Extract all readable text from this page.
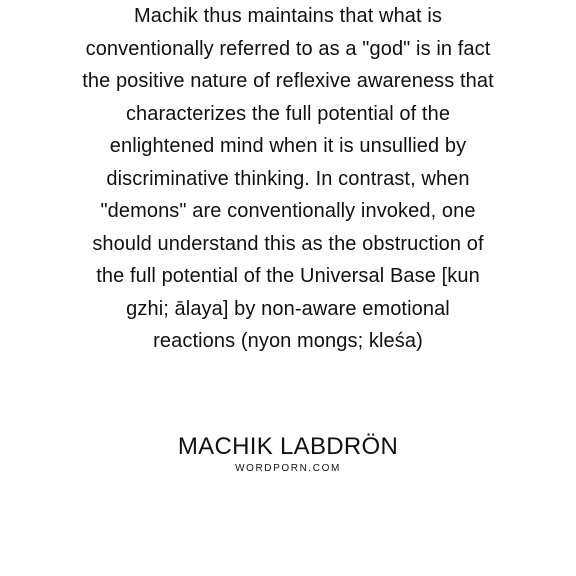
Machik thus maintains that what is
conventionally referred to as a "god" is in fact
the positive nature of reflexive awareness that
characterizes the full potential of the
enlightened mind when it is unsullied by
discriminative thinking. In contrast, when
"demons" are conventionally invoked, one
should understand this as the obstruction of
the full potential of the Universal Base [kun
gzhi; ālaya] by non-aware emotional
reactions (nyon mongs; kleśa)
MACHIK LABDRÖN
WORDPORN.COM
